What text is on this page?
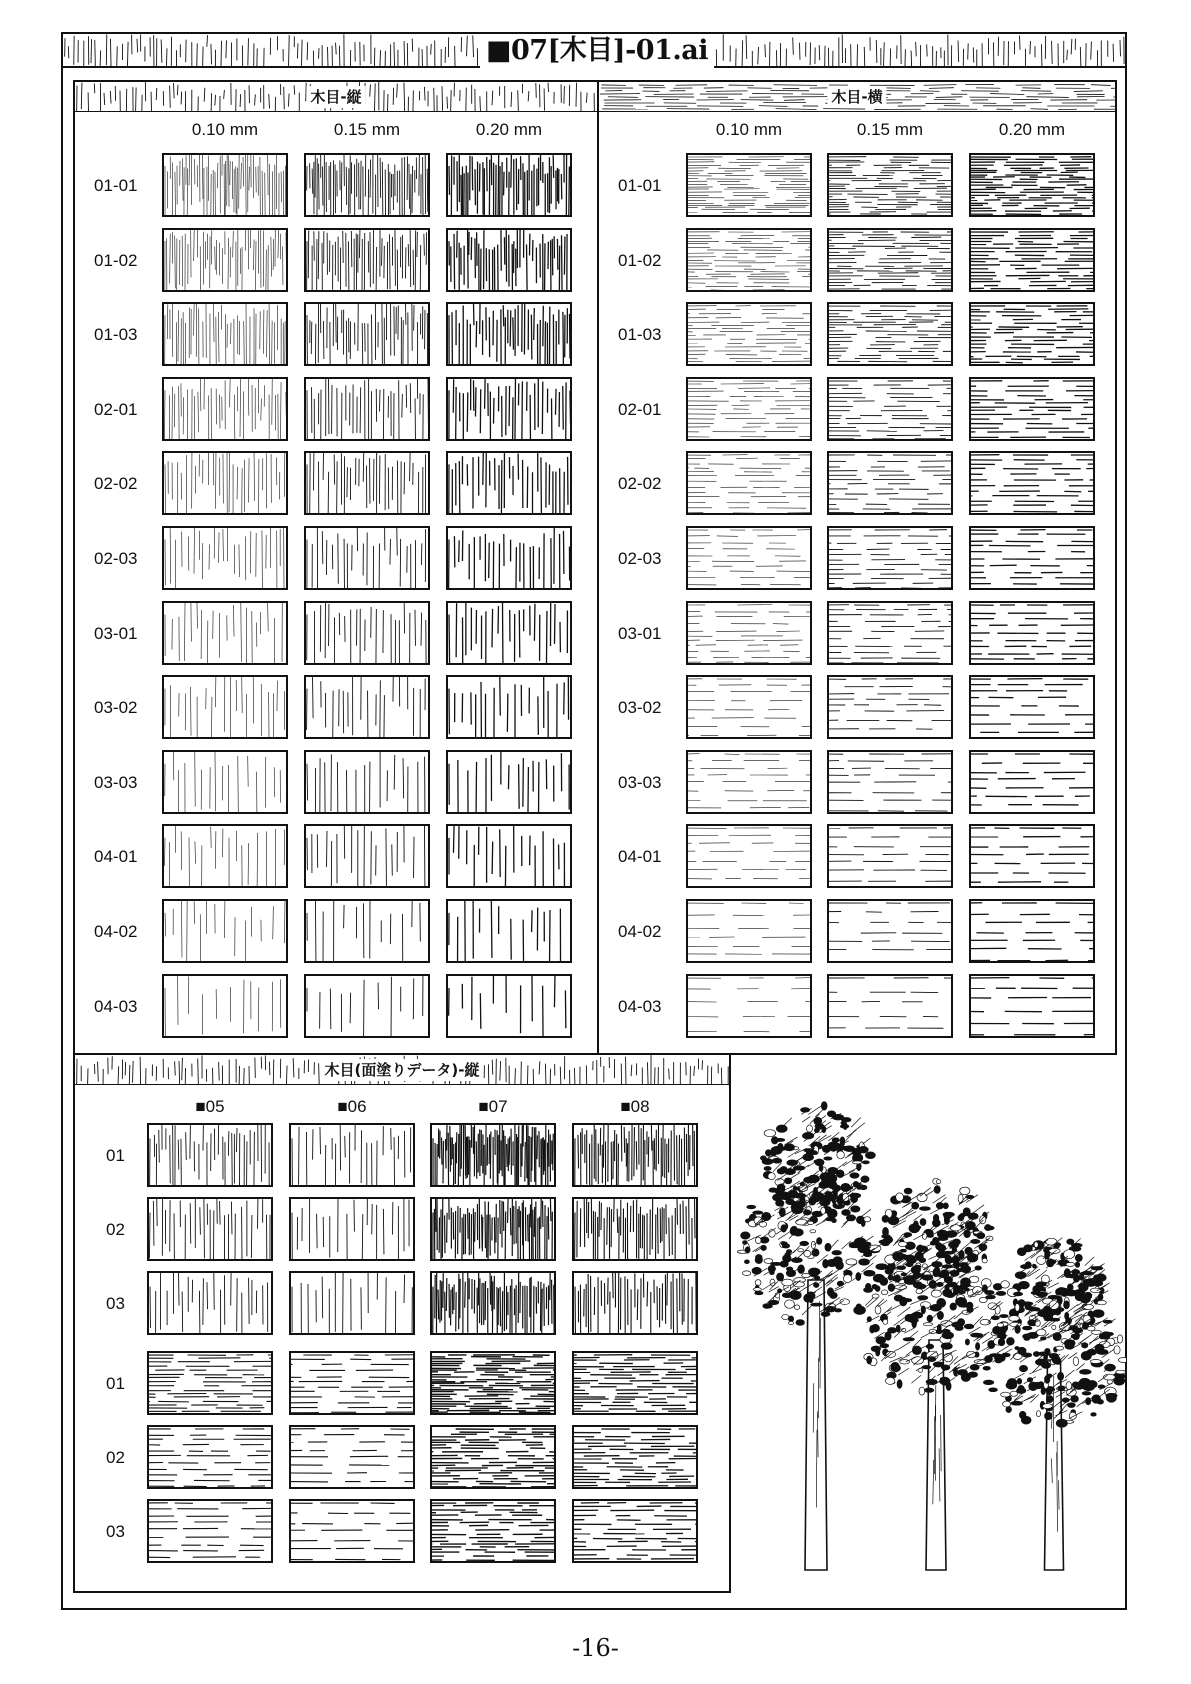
■07[木目]-01.ai
木目-縦	木目-横
木目(面塗りデータ)-縦
0.10 mm	0.15 mm	0.20 mm	0.10 mm	0.15 mm	0.20 mm
■05	■06	■07	■08
01-01
01-02
01-03
02-01
02-02
02-03
03-01
03-02
03-03
04-01
04-02
04-03
01-01
01-02
01-03
02-01
02-02
02-03
03-01
03-02
03-03
04-01
04-02
04-03
01
02
03
01
02
03
-16-
